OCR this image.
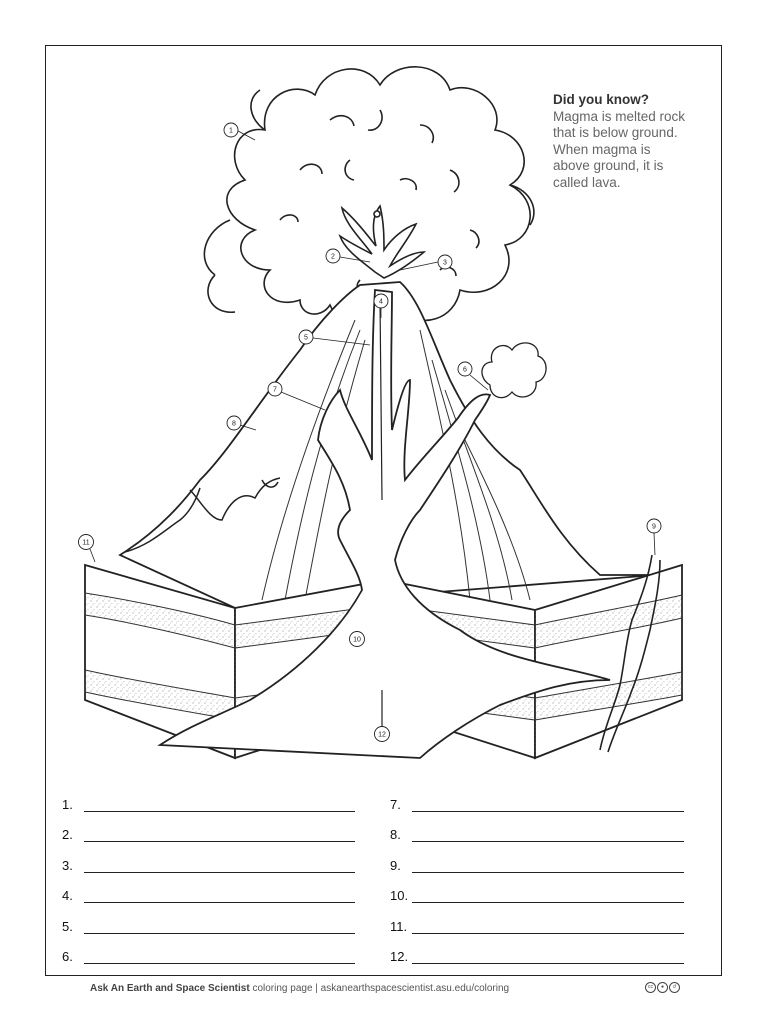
Did you know?
Magma is melted rock
that is below ground.
When magma is
above ground, it is
called lava.
1
2
3
4
5
6
7
8
9
10
11
12
1.
2.
3.
4.
5.
6.
7.
8.
9.
10.
11.
12.
Ask An Earth and Space Scientist coloring page | askanearthspacescientist.asu.edu/coloring	cc	●	↺
